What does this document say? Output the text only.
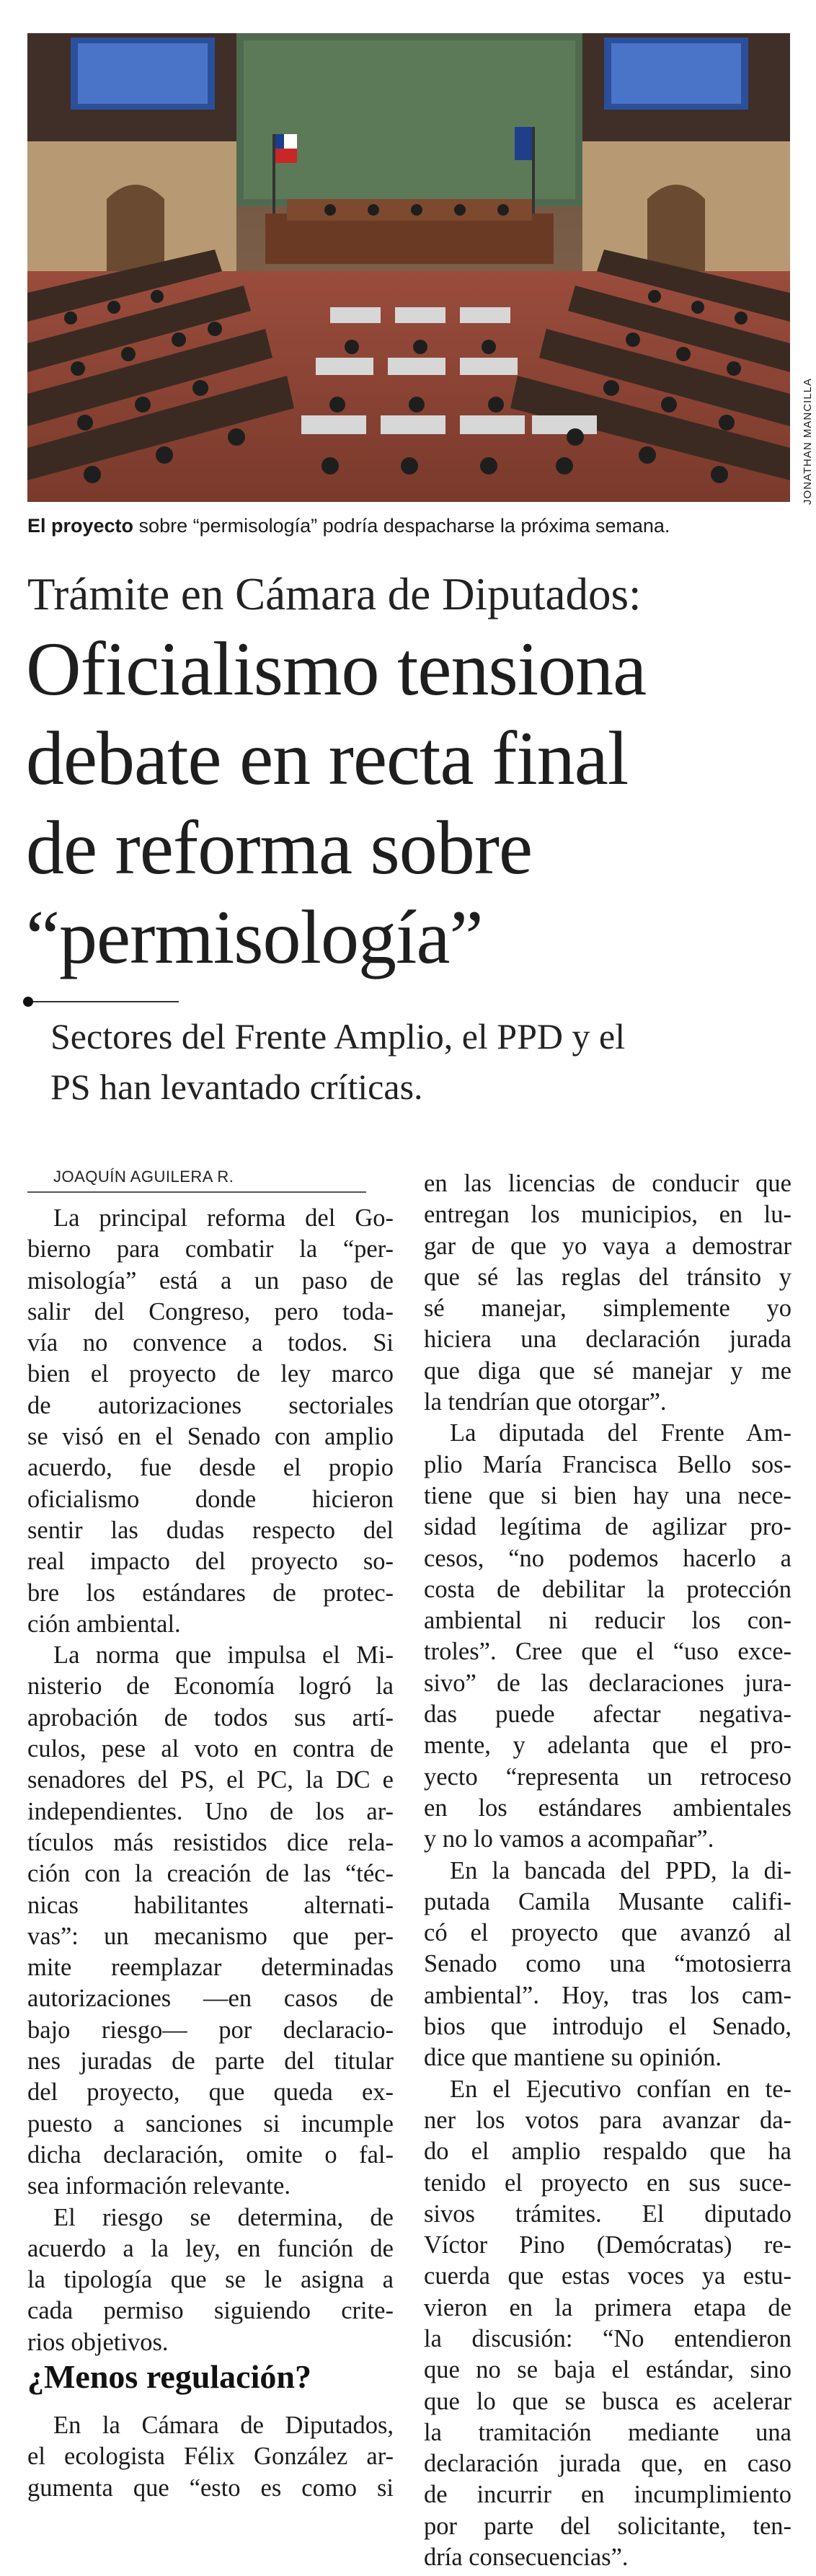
JONATHAN MANCILLA
El proyecto sobre “permisología” podría despacharse la próxima semana.
Trámite en Cámara de Diputados:
Oficialismo tensiona
debate en recta final
de reforma sobre
“permisología”
Sectores del Frente Amplio, el PPD y el
PS han levantado críticas.
JOAQUÍN AGUILERA R.
La principal reforma del Go-
bierno para combatir la “per-
misología” está a un paso de
salir del Congreso, pero toda-
vía no convence a todos. Si
bien el proyecto de ley marco
de autorizaciones sectoriales
se visó en el Senado con amplio
acuerdo, fue desde el propio
oficialismo donde hicieron
sentir las dudas respecto del
real impacto del proyecto so-
bre los estándares de protec-
ción ambiental.
La norma que impulsa el Mi-
nisterio de Economía logró la
aprobación de todos sus artí-
culos, pese al voto en contra de
senadores del PS, el PC, la DC e
independientes. Uno de los ar-
tículos más resistidos dice rela-
ción con la creación de las “téc-
nicas habilitantes alternati-
vas”: un mecanismo que per-
mite reemplazar determinadas
autorizaciones —en casos de
bajo riesgo— por declaracio-
nes juradas de parte del titular
del proyecto, que queda ex-
puesto a sanciones si incumple
dicha declaración, omite o fal-
sea información relevante.
El riesgo se determina, de
acuerdo a la ley, en función de
la tipología que se le asigna a
cada permiso siguiendo crite-
rios objetivos.
¿Menos regulación?
En la Cámara de Diputados,
el ecologista Félix González ar-
gumenta que “esto es como si
en las licencias de conducir que
entregan los municipios, en lu-
gar de que yo vaya a demostrar
que sé las reglas del tránsito y
sé manejar, simplemente yo
hiciera una declaración jurada
que diga que sé manejar y me
la tendrían que otorgar”.
La diputada del Frente Am-
plio María Francisca Bello sos-
tiene que si bien hay una nece-
sidad legítima de agilizar pro-
cesos, “no podemos hacerlo a
costa de debilitar la protección
ambiental ni reducir los con-
troles”. Cree que el “uso exce-
sivo” de las declaraciones jura-
das puede afectar negativa-
mente, y adelanta que el pro-
yecto “representa un retroceso
en los estándares ambientales
y no lo vamos a acompañar”.
En la bancada del PPD, la di-
putada Camila Musante califi-
có el proyecto que avanzó al
Senado como una “motosierra
ambiental”. Hoy, tras los cam-
bios que introdujo el Senado,
dice que mantiene su opinión.
En el Ejecutivo confían en te-
ner los votos para avanzar da-
do el amplio respaldo que ha
tenido el proyecto en sus suce-
sivos trámites. El diputado
Víctor Pino (Demócratas) re-
cuerda que estas voces ya estu-
vieron en la primera etapa de
la discusión: “No entendieron
que no se baja el estándar, sino
que lo que se busca es acelerar
la tramitación mediante una
declaración jurada que, en caso
de incurrir en incumplimiento
por parte del solicitante, ten-
dría consecuencias”.
